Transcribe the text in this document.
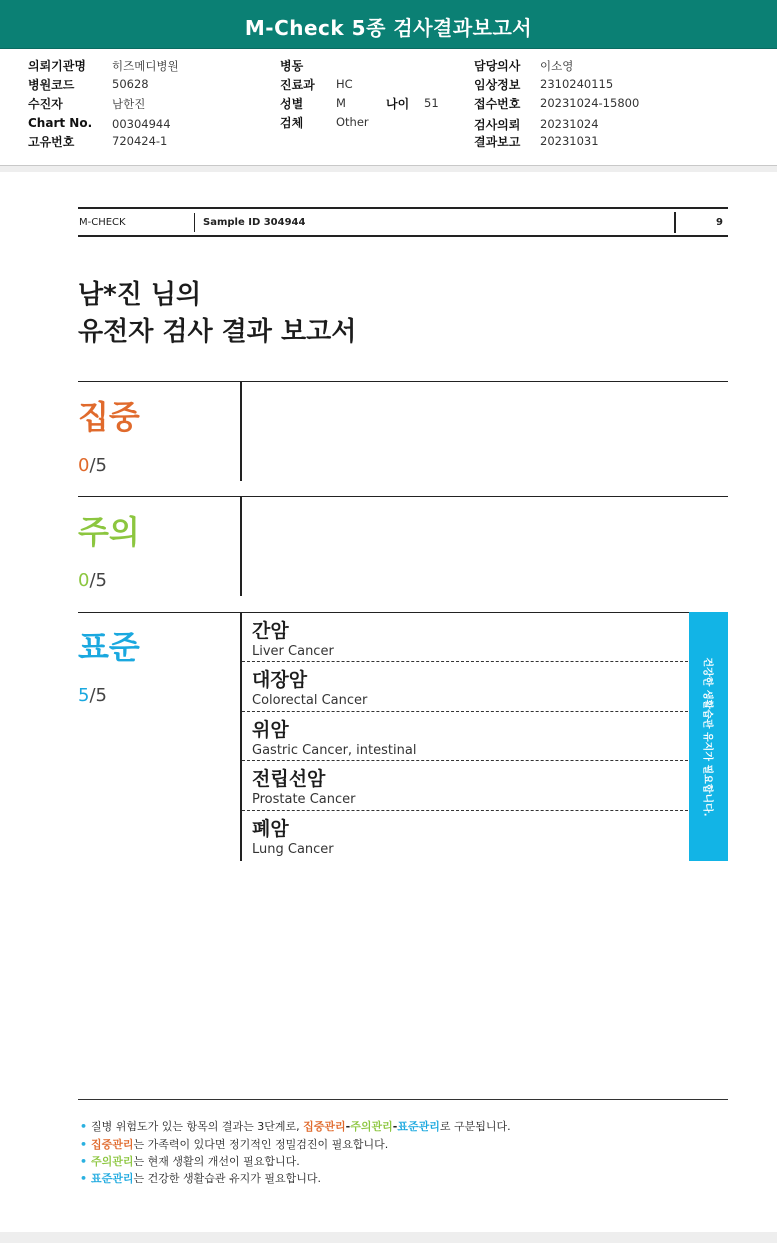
M-Check 5종 검사결과보고서
의뢰기관명 히즈메디병원
병원코드	50628
수진자	남한진
Chart No. 00304944
고유번호	720424-1
병동
진료과 HC
성별	M	나이 51
검체	Other
담당의사 이소영
임상정보 2310240115
접수번호 20231024-15800
검사의뢰 20231024
결과보고 20231031
M-CHECK	Sample ID 304944	9
남*진 님의
유전자 검사 결과 보고서
집중
0/5
주의
0/5
표준
5/5
간암
Liver Cancer
대장암
Colorectal Cancer
위암
Gastric Cancer, intestinal
전립선암
Prostate Cancer
폐암
Lung Cancer
건강한 생활습관 유지가 필요합니다.
• 질병 위험도가 있는 항목의 결과는 3단계로, 집중관리-주의관리-표준관리로 구분됩니다.
• 집중관리는 가족력이 있다면 정기적인 정밀검진이 필요합니다.
• 주의관리는 현재 생활의 개선이 필요합니다.
• 표준관리는 건강한 생활습관 유지가 필요합니다.
